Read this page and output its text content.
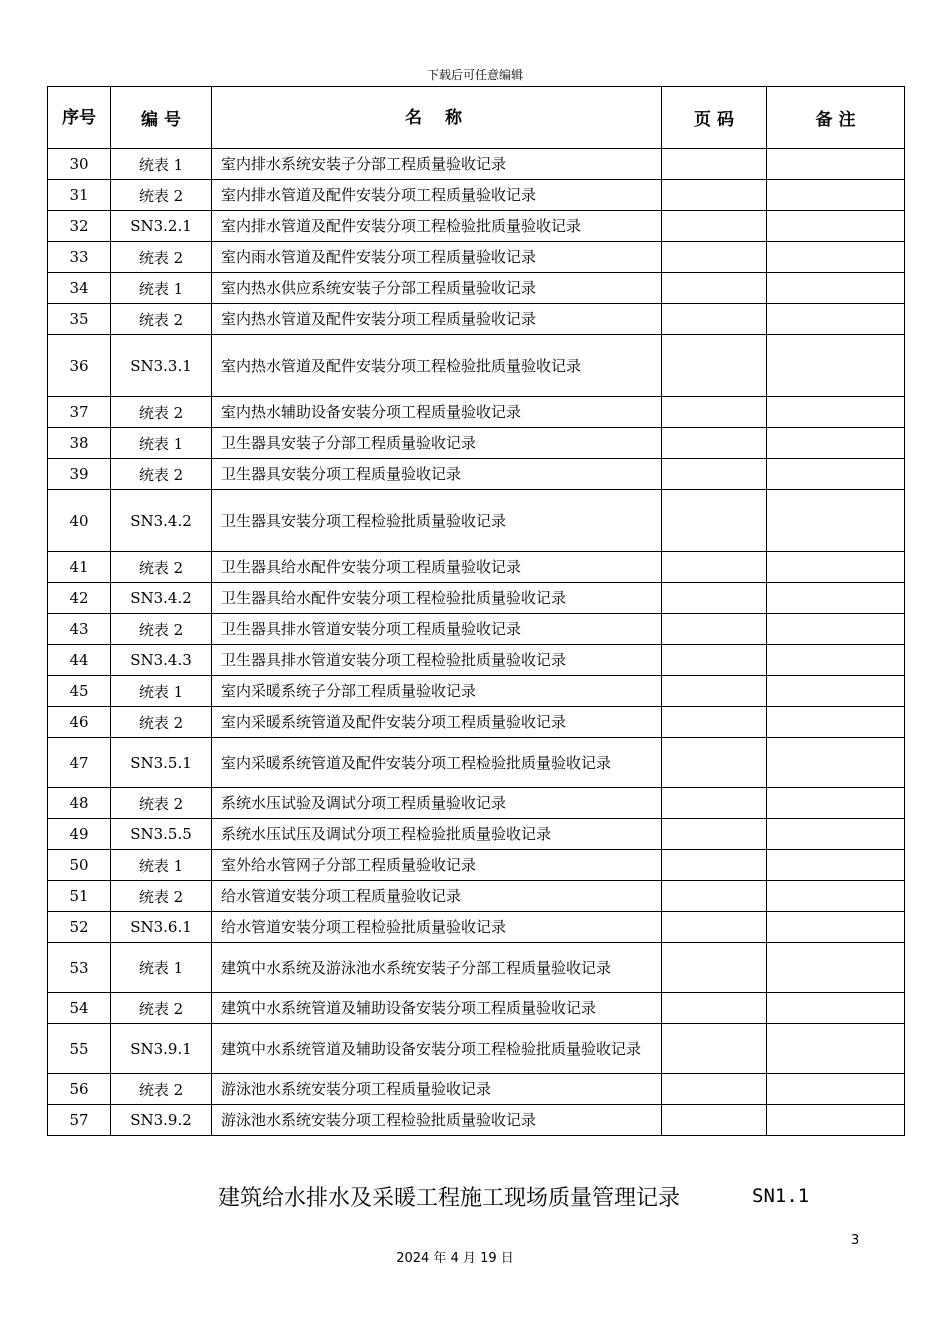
下载后可任意编辑
序号	编 号	名　 称	页 码	备 注
30	统表 1	室内排水系统安装子分部工程质量验收记录		
31	统表 2	室内排水管道及配件安装分项工程质量验收记录		
32	SN3.2.1	室内排水管道及配件安装分项工程检验批质量验收记录		
33	统表 2	室内雨水管道及配件安装分项工程质量验收记录		
34	统表 1	室内热水供应系统安装子分部工程质量验收记录		
35	统表 2	室内热水管道及配件安装分项工程质量验收记录		
36	SN3.3.1	室内热水管道及配件安装分项工程检验批质量验收记录		
37	统表 2	室内热水辅助设备安装分项工程质量验收记录		
38	统表 1	卫生器具安装子分部工程质量验收记录		
39	统表 2	卫生器具安装分项工程质量验收记录		
40	SN3.4.2	卫生器具安装分项工程检验批质量验收记录		
41	统表 2	卫生器具给水配件安装分项工程质量验收记录		
42	SN3.4.2	卫生器具给水配件安装分项工程检验批质量验收记录		
43	统表 2	卫生器具排水管道安装分项工程质量验收记录		
44	SN3.4.3	卫生器具排水管道安装分项工程检验批质量验收记录		
45	统表 1	室内采暖系统子分部工程质量验收记录		
46	统表 2	室内采暖系统管道及配件安装分项工程质量验收记录		
47	SN3.5.1	室内采暖系统管道及配件安装分项工程检验批质量验收记录		
48	统表 2	系统水压试验及调试分项工程质量验收记录		
49	SN3.5.5	系统水压试压及调试分项工程检验批质量验收记录		
50	统表 1	室外给水管网子分部工程质量验收记录		
51	统表 2	给水管道安装分项工程质量验收记录		
52	SN3.6.1	给水管道安装分项工程检验批质量验收记录		
53	统表 1	建筑中水系统及游泳池水系统安装子分部工程质量验收记录		
54	统表 2	建筑中水系统管道及辅助设备安装分项工程质量验收记录		
55	SN3.9.1	建筑中水系统管道及辅助设备安装分项工程检验批质量验收记录		
56	统表 2	游泳池水系统安装分项工程质量验收记录		
57	SN3.9.2	游泳池水系统安装分项工程检验批质量验收记录		
建筑给水排水及采暖工程施工现场质量管理记录	SN1.1
3
2024 年 4 月 19 日
